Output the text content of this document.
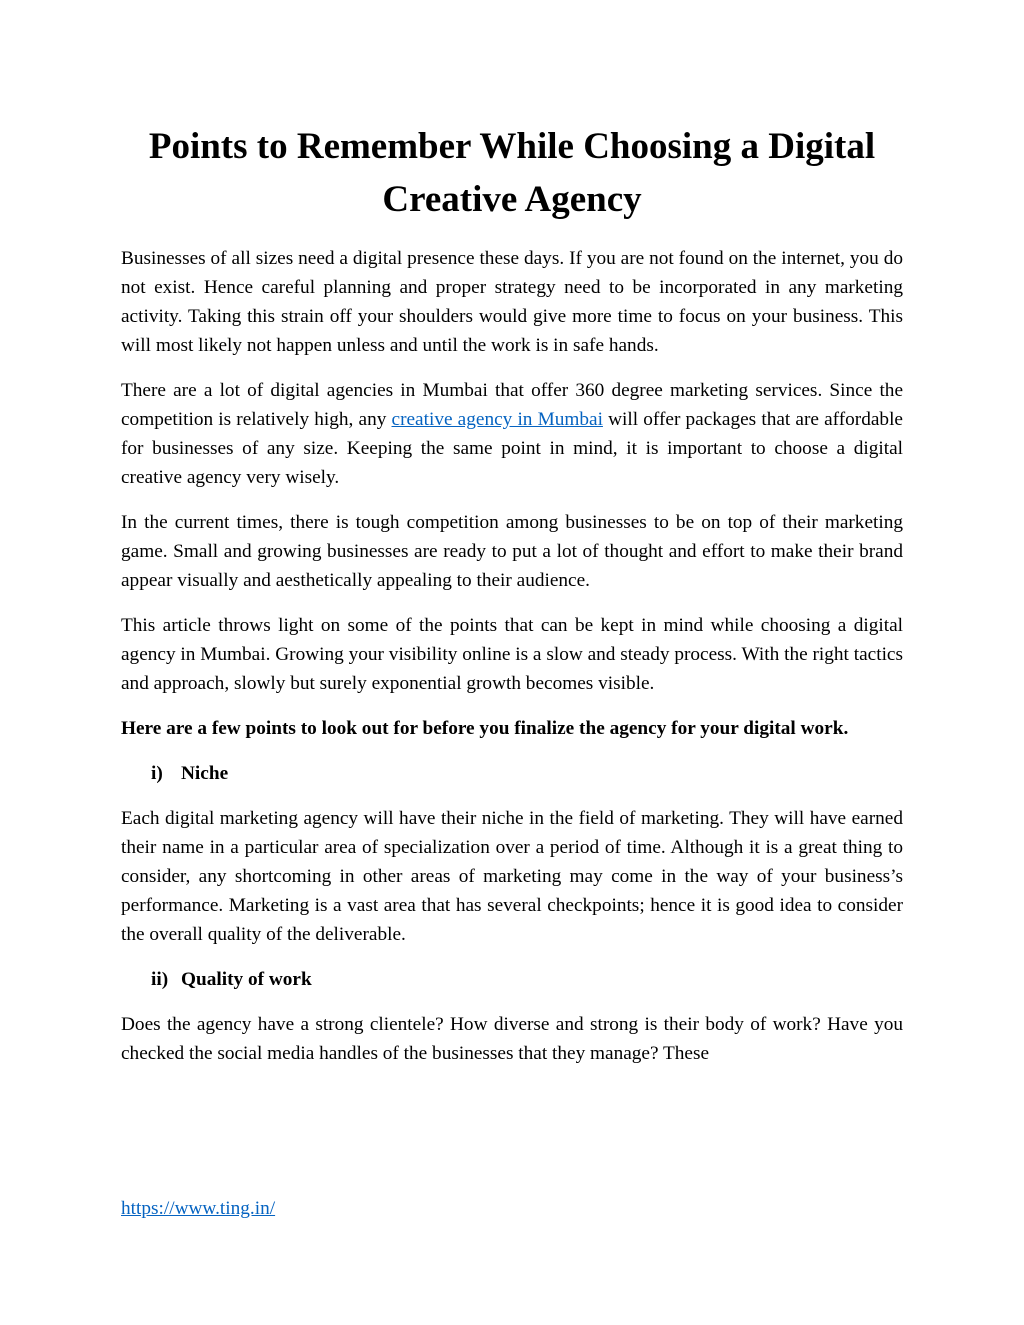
Points to Remember While Choosing a Digital Creative Agency

Businesses of all sizes need a digital presence these days. If you are not found on the internet, you do not exist. Hence careful planning and proper strategy need to be incorporated in any marketing activity. Taking this strain off your shoulders would give more time to focus on your business. This will most likely not happen unless and until the work is in safe hands.

There are a lot of digital agencies in Mumbai that offer 360 degree marketing services. Since the competition is relatively high, any creative agency in Mumbai will offer packages that are affordable for businesses of any size. Keeping the same point in mind, it is important to choose a digital creative agency very wisely.

In the current times, there is tough competition among businesses to be on top of their marketing game. Small and growing businesses are ready to put a lot of thought and effort to make their brand appear visually and aesthetically appealing to their audience.

This article throws light on some of the points that can be kept in mind while choosing a digital agency in Mumbai. Growing your visibility online is a slow and steady process. With the right tactics and approach, slowly but surely exponential growth becomes visible.

Here are a few points to look out for before you finalize the agency for your digital work.

i) Niche

Each digital marketing agency will have their niche in the field of marketing. They will have earned their name in a particular area of specialization over a period of time. Although it is a great thing to consider, any shortcoming in other areas of marketing may come in the way of your business’s performance. Marketing is a vast area that has several checkpoints; hence it is good idea to consider the overall quality of the deliverable.

ii) Quality of work

Does the agency have a strong clientele? How diverse and strong is their body of work? Have you checked the social media handles of the businesses that they manage? These

https://www.ting.in/
